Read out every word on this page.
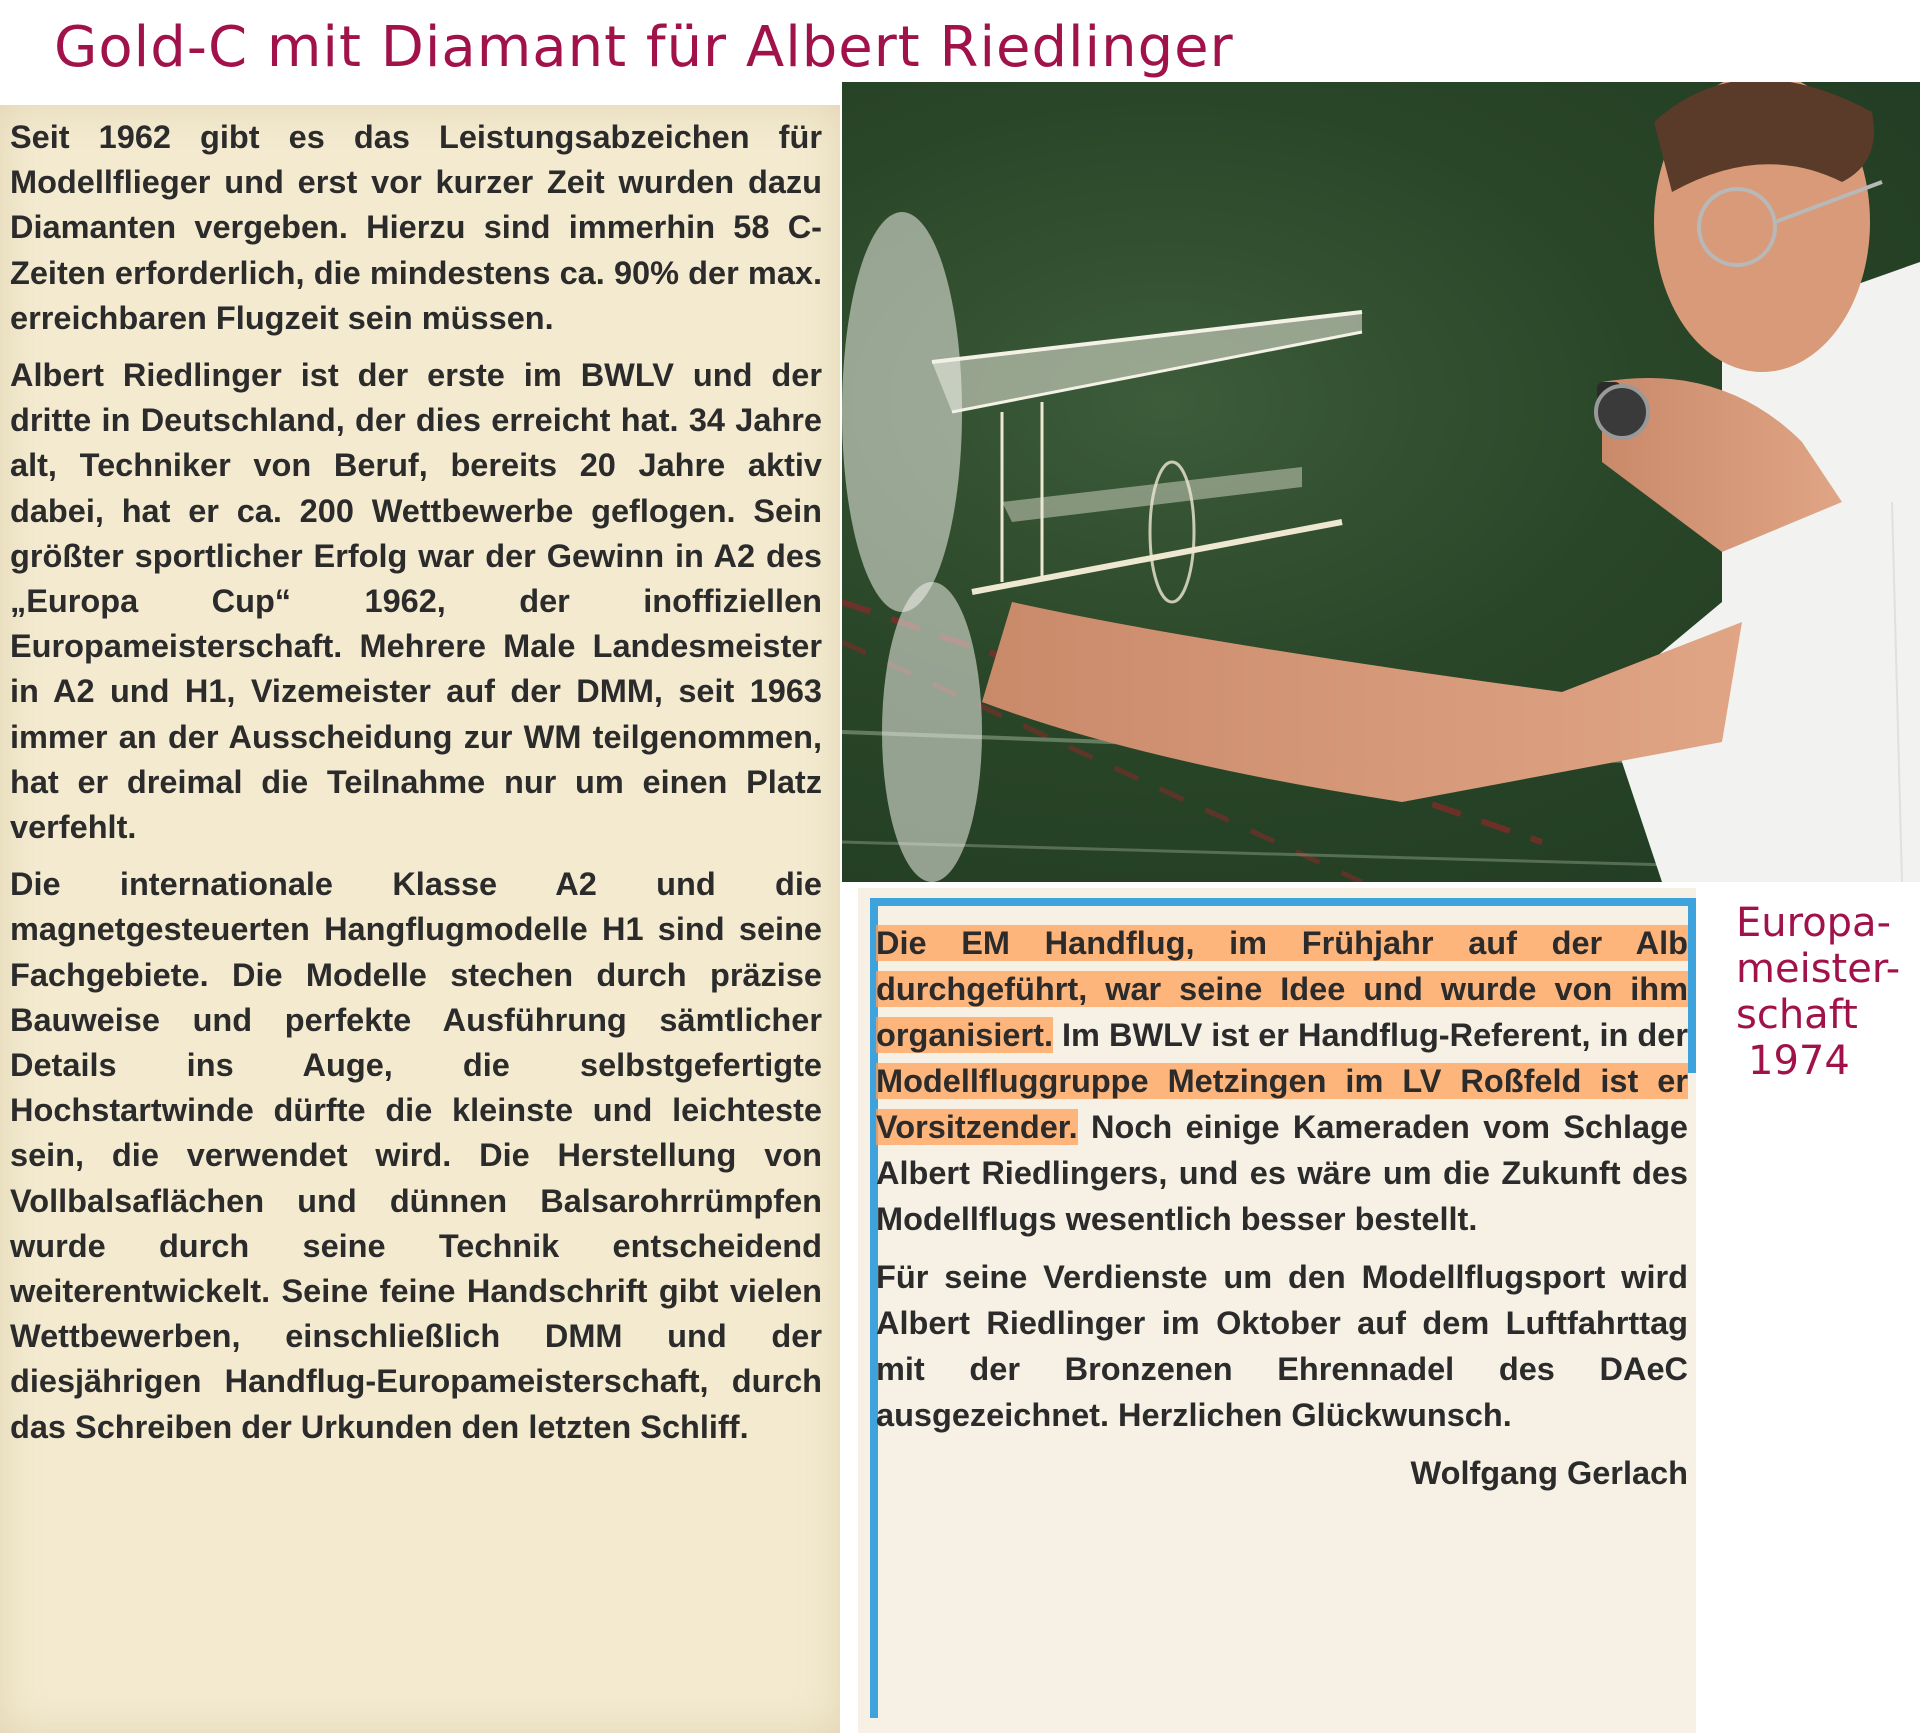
Gold-C mit Diamant für Albert Riedlinger

Seit 1962 gibt es das Leistungsabzeichen für Modellflieger und erst vor kurzer Zeit wurden dazu Diamanten vergeben. Hierzu sind immerhin 58 C-Zeiten erforderlich, die mindestens ca. 90% der max. erreichbaren Flugzeit sein müssen.

Albert Riedlinger ist der erste im BWLV und der dritte in Deutschland, der dies erreicht hat. 34 Jahre alt, Techniker von Beruf, bereits 20 Jahre aktiv dabei, hat er ca. 200 Wettbewerbe geflogen. Sein größter sportlicher Erfolg war der Gewinn in A2 des „Europa Cup“ 1962, der inoffiziellen Europameisterschaft. Mehrere Male Landesmeister in A2 und H1, Vizemeister auf der DMM, seit 1963 immer an der Ausscheidung zur WM teilgenommen, hat er dreimal die Teilnahme nur um einen Platz verfehlt.

Die internationale Klasse A2 und die magnetgesteuerten Hangflugmodelle H1 sind seine Fachgebiete. Die Modelle stechen durch präzise Bauweise und perfekte Ausführung sämtlicher Details ins Auge, die selbstgefertigte Hochstartwinde dürfte die kleinste und leichteste sein, die verwendet wird. Die Herstellung von Vollbalsaflächen und dünnen Balsarohrrümpfen wurde durch seine Technik entscheidend weiterentwickelt. Seine feine Handschrift gibt vielen Wettbewerben, einschließlich DMM und der diesjährigen Handflug-Europameisterschaft, durch das Schreiben der Urkunden den letzten Schliff.

Die EM Handflug, im Frühjahr auf der Alb durchgeführt, war seine Idee und wurde von ihm organisiert. Im BWLV ist er Handflug-Referent, in der Modellfluggruppe Metzingen im LV Roßfeld ist er Vorsitzender. Noch einige Kameraden vom Schlage Albert Riedlingers, und es wäre um die Zukunft des Modellflugs wesentlich besser bestellt.

Für seine Verdienste um den Modellflugsport wird Albert Riedlinger im Oktober auf dem Luftfahrttag mit der Bronzenen Ehrennadel des DAeC ausgezeichnet. Herzlichen Glückwunsch.

Wolfgang Gerlach
Europa-
meister-
schaft
1974
